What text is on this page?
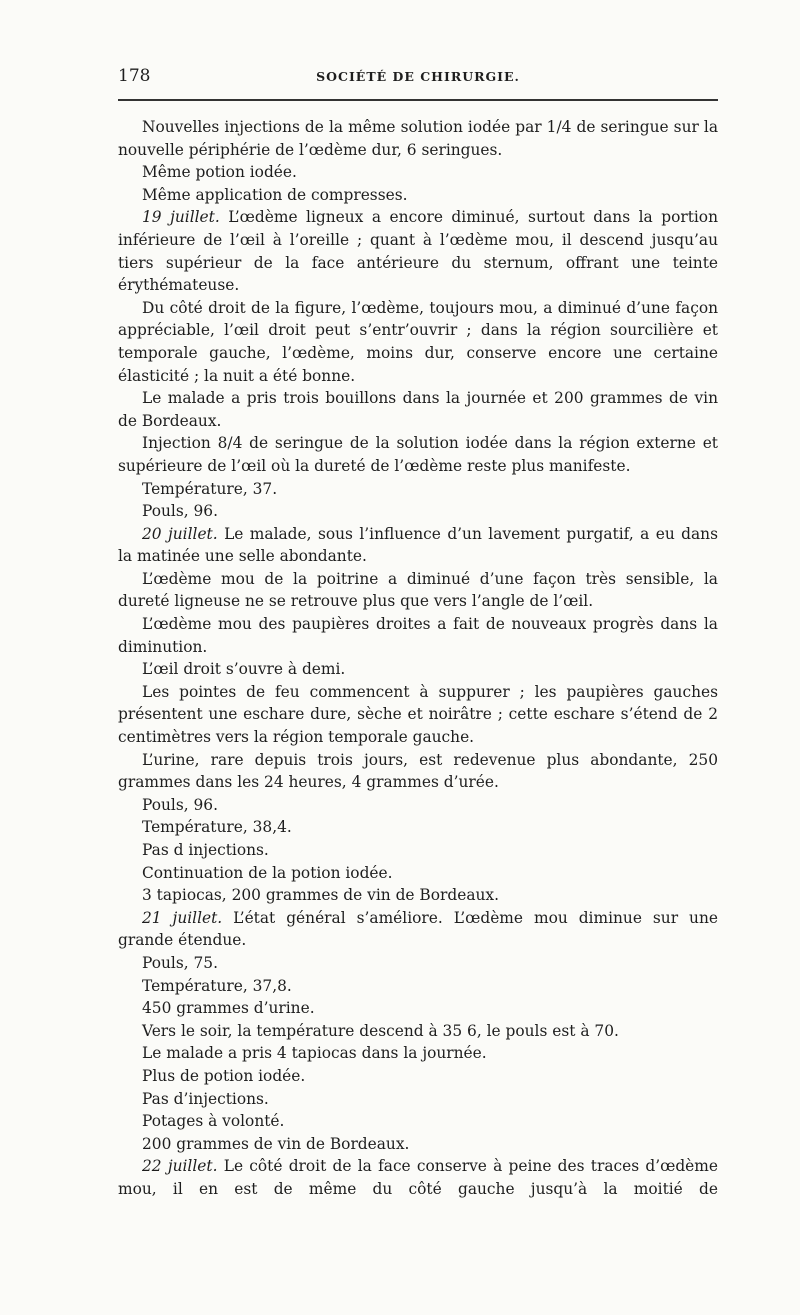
178	SOCIÉTÉ DE CHIRURGIE.

Nouvelles injections de la même solution iodée par 1/4 de seringue sur la nouvelle périphérie de l’œdème dur, 6 seringues.

Même potion iodée.

Même application de compresses.

19 juillet. L’œdème ligneux a encore diminué, surtout dans la portion inférieure de l’œil à l’oreille ; quant à l’œdème mou, il descend jusqu’au tiers supérieur de la face antérieure du sternum, offrant une teinte érythémateuse.

Du côté droit de la figure, l’œdème, toujours mou, a diminué d’une façon appréciable, l’œil droit peut s’entr’ouvrir ; dans la région sourcilière et temporale gauche, l’œdème, moins dur, conserve encore une certaine élasticité ; la nuit a été bonne.

Le malade a pris trois bouillons dans la journée et 200 grammes de vin de Bordeaux.

Injection 8/4 de seringue de la solution iodée dans la région externe et supérieure de l’œil où la dureté de l’œdème reste plus manifeste.

Température, 37.

Pouls, 96.

20 juillet. Le malade, sous l’influence d’un lavement purgatif, a eu dans la matinée une selle abondante.

L’œdème mou de la poitrine a diminué d’une façon très sensible, la dureté ligneuse ne se retrouve plus que vers l’angle de l’œil.

L’œdème mou des paupières droites a fait de nouveaux progrès dans la diminution.

L’œil droit s’ouvre à demi.

Les pointes de feu commencent à suppurer ; les paupières gauches présentent une eschare dure, sèche et noirâtre ; cette eschare s’étend de 2 centimètres vers la région temporale gauche.

L’urine, rare depuis trois jours, est redevenue plus abondante, 250 grammes dans les 24 heures, 4 grammes d’urée.

Pouls, 96.

Température, 38,4.

Pas d injections.

Continuation de la potion iodée.

3 tapiocas, 200 grammes de vin de Bordeaux.

21 juillet. L’état général s’améliore. L’œdème mou diminue sur une grande étendue.

Pouls, 75.

Température, 37,8.

450 grammes d’urine.

Vers le soir, la température descend à 35 6, le pouls est à 70.

Le malade a pris 4 tapiocas dans la journée.

Plus de potion iodée.

Pas d’injections.

Potages à volonté.

200 grammes de vin de Bordeaux.

22 juillet. Le côté droit de la face conserve à peine des traces d’œdème mou, il en est de même du côté gauche jusqu’à la moitié de
